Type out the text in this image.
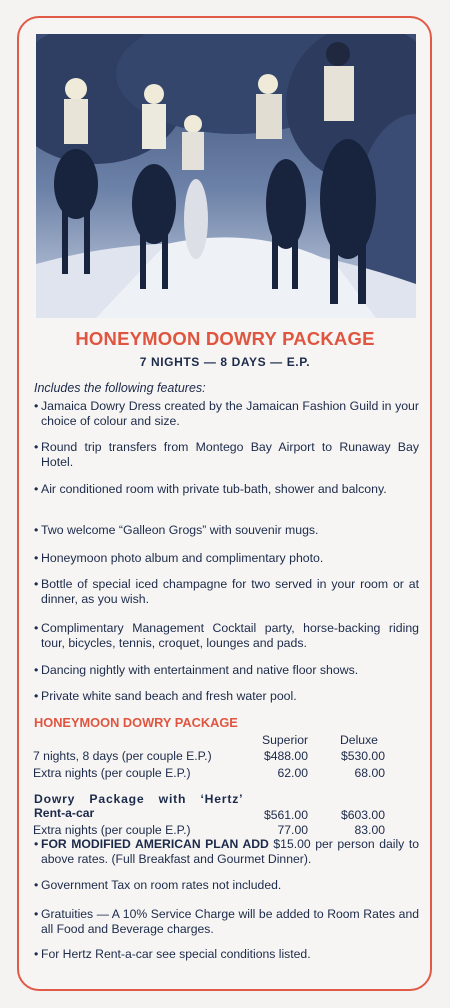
HONEYMOON DOWRY PACKAGE
7 NIGHTS — 8 DAYS — E.P.
Includes the following features:
• Jamaica Dowry Dress created by the Jamaican Fashion Guild in your choice of colour and size.
• Round trip transfers from Montego Bay Airport to Runaway Bay Hotel.
• Air conditioned room with private tub-bath, shower and balcony.
• Two welcome “Galleon Grogs” with souvenir mugs.
• Honeymoon photo album and complimentary photo.
• Bottle of special iced champagne for two served in your room or at dinner, as you wish.
• Complimentary Management Cocktail party, horse-backing riding tour, bicycles, tennis, croquet, lounges and pads.
• Dancing nightly with entertainment and native floor shows.
• Private white sand beach and fresh water pool.
HONEYMOON DOWRY PACKAGE
Superior	Deluxe
7 nights, 8 days (per couple E.P.)	$488.00	$530.00
Extra nights (per couple E.P.)	62.00	68.00
Dowry Package with ‘Hertz’
Rent-a-car	$561.00	$603.00
Extra nights (per couple E.P.)	77.00	83.00
• FOR MODIFIED AMERICAN PLAN ADD $15.00 per person daily to above rates. (Full Breakfast and Gourmet Dinner).
• Government Tax on room rates not included.
• Gratuities — A 10% Service Charge will be added to Room Rates and all Food and Beverage charges.
• For Hertz Rent-a-car see special conditions listed.
